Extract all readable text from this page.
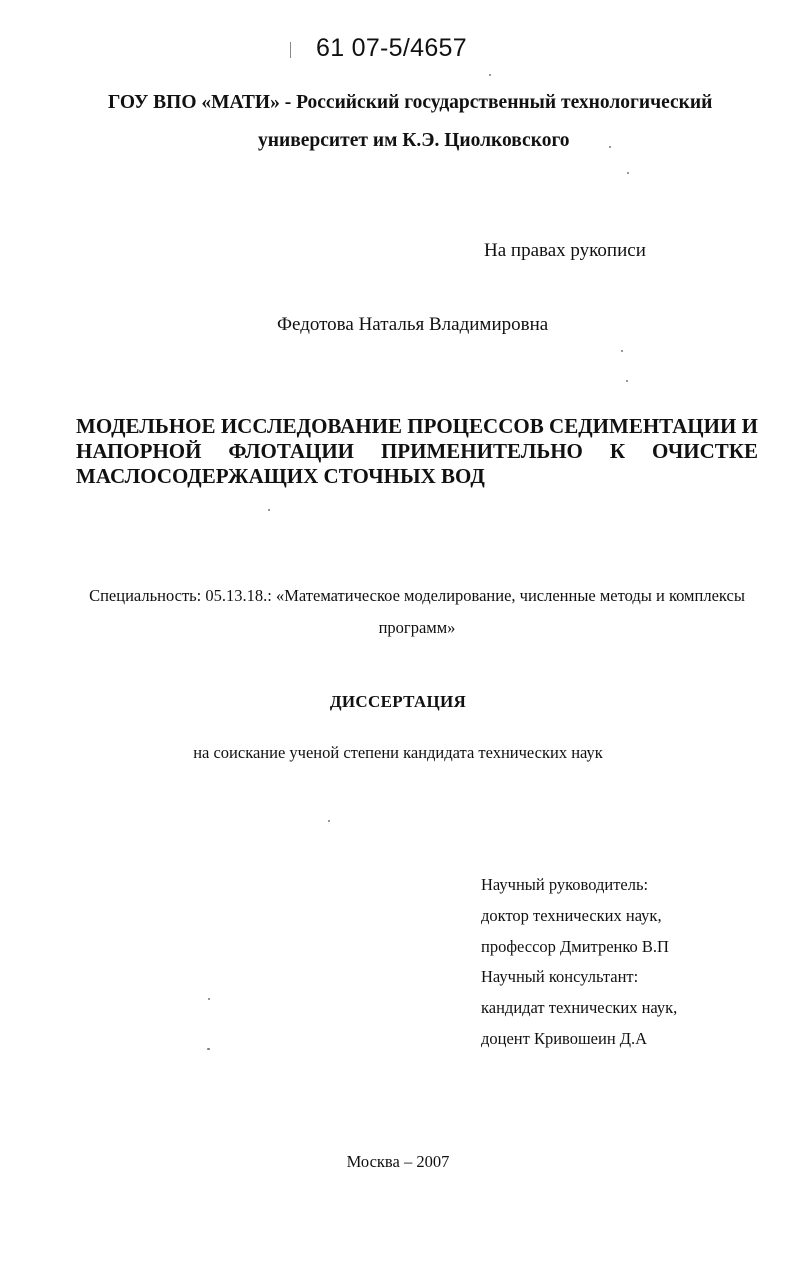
61 07-5/4657
ГОУ ВПО «МАТИ» - Российский государственный технологический
университет им К.Э. Циолковского
На правах рукописи
Федотова Наталья Владимировна
МОДЕЛЬНОЕ ИССЛЕДОВАНИЕ ПРОЦЕССОВ СЕДИМЕНТАЦИИ И
НАПОРНОЙ ФЛОТАЦИИ ПРИМЕНИТЕЛЬНО К ОЧИСТКЕ
МАСЛОСОДЕРЖАЩИХ СТОЧНЫХ ВОД
Специальность: 05.13.18.: «Математическое моделирование, численные методы и комплексы программ»
ДИССЕРТАЦИЯ
на соискание ученой степени кандидата технических наук
Научный руководитель:
доктор технических наук,
профессор Дмитренко В.П
Научный консультант:
кандидат технических наук,
доцент Кривошеин Д.А
Москва – 2007
